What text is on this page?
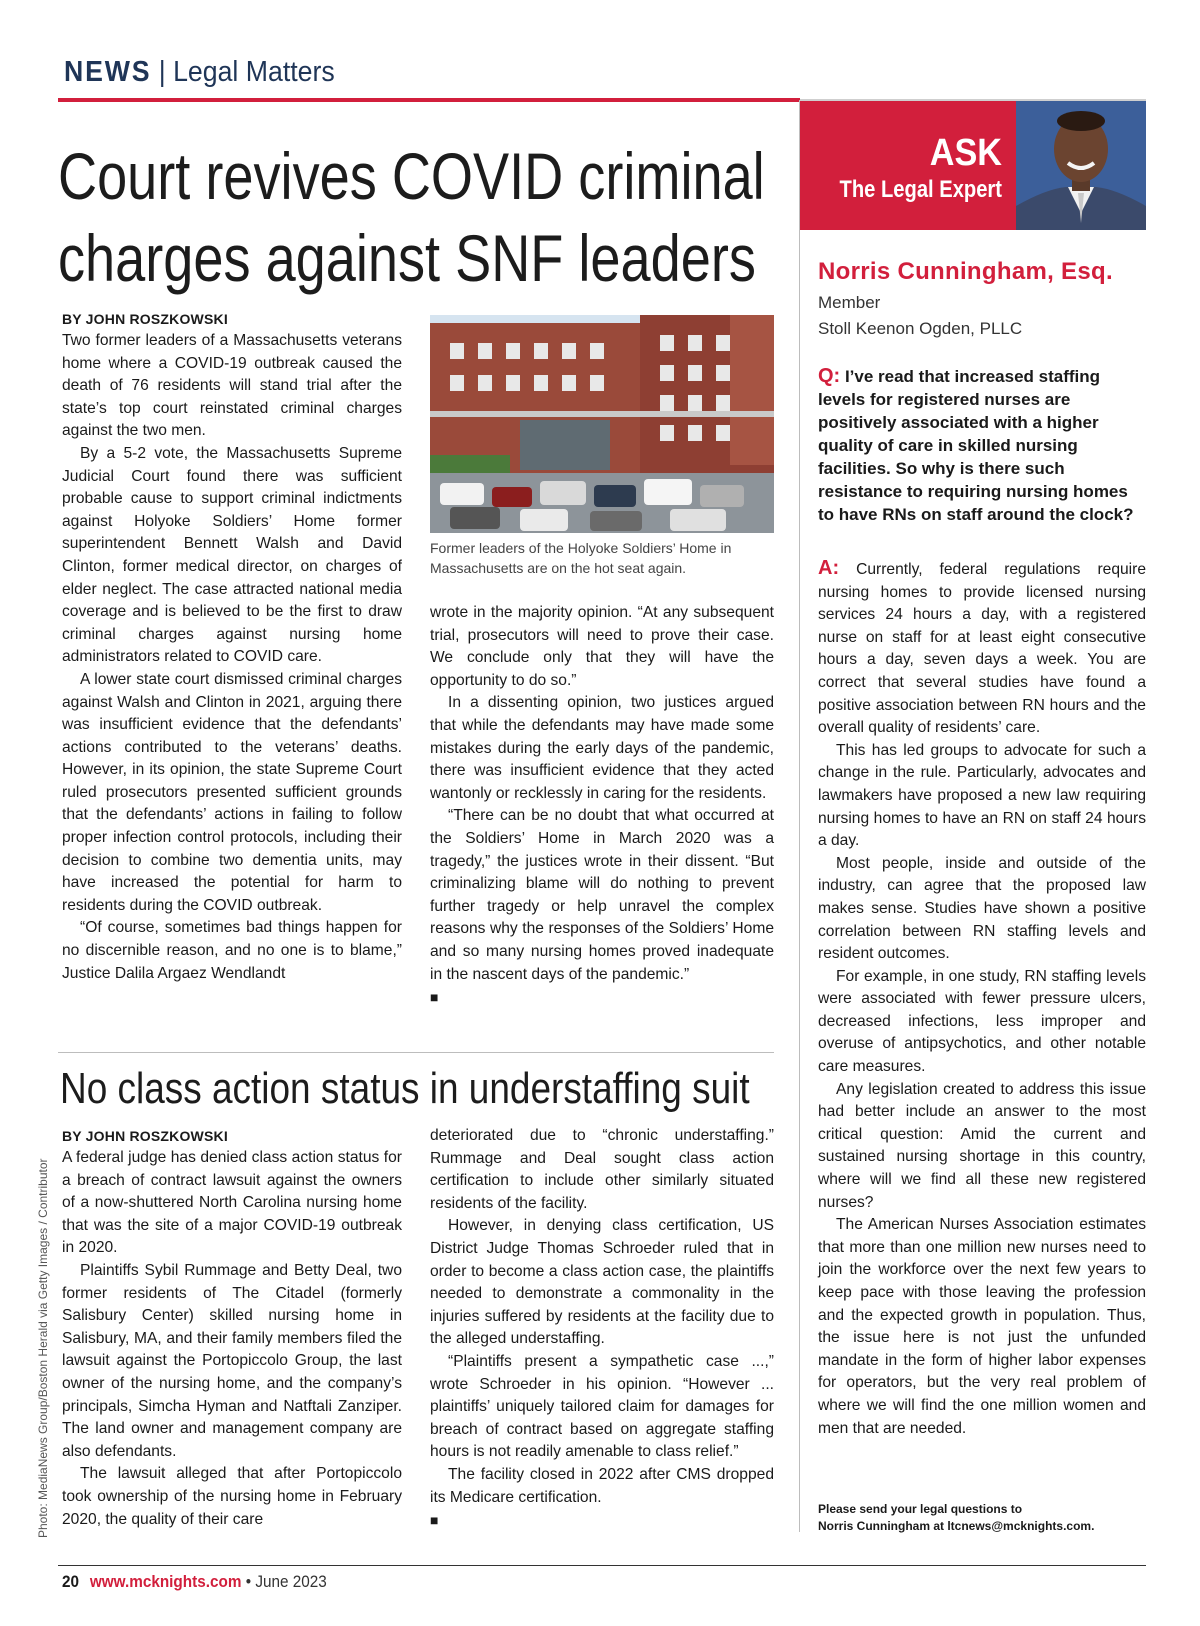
NEWS | Legal Matters
Court revives COVID criminal
charges against SNF leaders
BY JOHN ROSZKOWSKI

Two former leaders of a Massachusetts veterans home where a COVID-19 outbreak caused the death of 76 residents will stand trial after the state’s top court reinstated criminal charges against the two men.

By a 5-2 vote, the Massachusetts Supreme Judicial Court found there was sufficient probable cause to support criminal indictments against Holyoke Soldiers’ Home former superintendent Bennett Walsh and David Clinton, former medical director, on charges of elder neglect. The case attracted national media coverage and is believed to be the first to draw criminal charges against nursing home administrators related to COVID care.

A lower state court dismissed criminal charges against Walsh and Clinton in 2021, arguing there was insufficient evidence that the defendants’ actions contributed to the veterans’ deaths. However, in its opinion, the state Supreme Court ruled prosecutors presented sufficient grounds that the defendants’ actions in failing to follow proper infection control protocols, including their decision to combine two dementia units, may have increased the potential for harm to residents during the COVID outbreak.

“Of course, sometimes bad things happen for no discernible reason, and no one is to blame,” Justice Dalila Argaez Wendlandt

Former leaders of the Holyoke Soldiers’ Home in Massachusetts are on the hot seat again.

wrote in the majority opinion. “At any subsequent trial, prosecutors will need to prove their case. We conclude only that they will have the opportunity to do so.”

In a dissenting opinion, two justices argued that while the defendants may have made some mistakes during the early days of the pandemic, there was insufficient evidence that they acted wantonly or recklessly in caring for the residents.

“There can be no doubt that what occurred at the Soldiers’ Home in March 2020 was a tragedy,” the justices wrote in their dissent. “But criminalizing blame will do nothing to prevent further tragedy or help unravel the complex reasons why the responses of the Soldiers’ Home and so many nursing homes proved inadequate in the nascent days of the pandemic.”

■

No class action status in understaffing suit
BY JOHN ROSZKOWSKI

A federal judge has denied class action status for a breach of contract lawsuit against the owners of a now-shuttered North Carolina nursing home that was the site of a major COVID-19 outbreak in 2020.

Plaintiffs Sybil Rummage and Betty Deal, two former residents of The Citadel (formerly Salisbury Center) skilled nursing home in Salisbury, MA, and their family members filed the lawsuit against the Portopiccolo Group, the last owner of the nursing home, and the company’s principals, Simcha Hyman and Natftali Zanziper. The land owner and management company are also defendants.

The lawsuit alleged that after Portopiccolo took ownership of the nursing home in February 2020, the quality of their care

deteriorated due to “chronic understaffing.” Rummage and Deal sought class action certification to include other similarly situated residents of the facility.

However, in denying class certification, US District Judge Thomas Schroeder ruled that in order to become a class action case, the plaintiffs needed to demonstrate a commonality in the injuries suffered by residents at the facility due to the alleged understaffing.

“Plaintiffs present a sympathetic case ...,” wrote Schroeder in his opinion. “However ... plaintiffs’ uniquely tailored claim for damages for breach of contract based on aggregate staffing hours is not readily amenable to class relief.”

The facility closed in 2022 after CMS dropped its Medicare certification.

■

Photo: MediaNews Group/Boston Herald via Getty Images / Contributor
ASK
The Legal Expert
Norris Cunningham, Esq.
Member
Stoll Keenon Ogden, PLLC
Q: I’ve read that increased staffing levels for registered nurses are positively associated with a higher quality of care in skilled nursing facilities. So why is there such resistance to requiring nursing homes to have RNs on staff around the clock?

A: Currently, federal regulations require nursing homes to provide licensed nursing services 24 hours a day, with a registered nurse on staff for at least eight consecutive hours a day, seven days a week. You are correct that several studies have found a positive association between RN hours and the overall quality of residents’ care.

This has led groups to advocate for such a change in the rule. Particularly, advocates and lawmakers have proposed a new law requiring nursing homes to have an RN on staff 24 hours a day.

Most people, inside and outside of the industry, can agree that the proposed law makes sense. Studies have shown a positive correlation between RN staffing levels and resident outcomes.

For example, in one study, RN staffing levels were associated with fewer pressure ulcers, decreased infections, less improper and overuse of antipsychotics, and other notable care measures.

Any legislation created to address this issue had better include an answer to the most critical question: Amid the current and sustained nursing shortage in this country, where will we find all these new registered nurses?

The American Nurses Association estimates that more than one million new nurses need to join the workforce over the next few years to keep pace with those leaving the profession and the expected growth in population. Thus, the issue here is not just the unfunded mandate in the form of higher labor expenses for operators, but the very real problem of where we will find the one million women and men that are needed.

Please send your legal questions to
Norris Cunningham at ltcnews@mcknights.com.
20 www.mcknights.com • June 2023
